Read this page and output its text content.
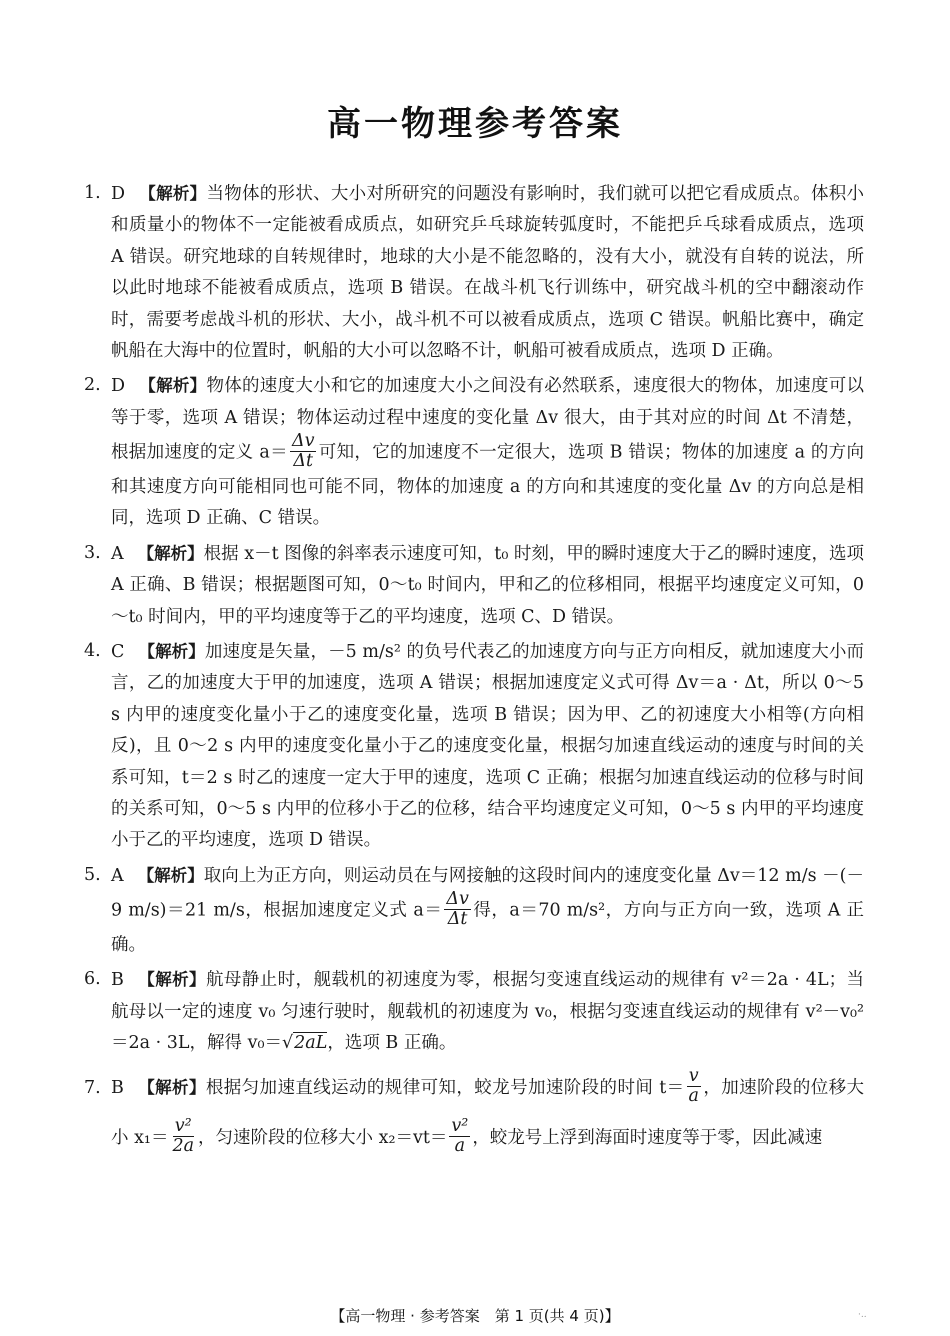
高一物理参考答案
1. D 【解析】当物体的形状、大小对所研究的问题没有影响时，我们就可以把它看成质点。体积小和质量小的物体不一定能被看成质点，如研究乒乓球旋转弧度时，不能把乒乓球看成质点，选项 A 错误。研究地球的自转规律时，地球的大小是不能忽略的，没有大小，就没有自转的说法，所以此时地球不能被看成质点，选项 B 错误。在战斗机飞行训练中，研究战斗机的空中翻滚动作时，需要考虑战斗机的形状、大小，战斗机不可以被看成质点，选项 C 错误。帆船比赛中，确定帆船在大海中的位置时，帆船的大小可以忽略不计，帆船可被看成质点，选项 D 正确。
2. D 【解析】物体的速度大小和它的加速度大小之间没有必然联系，速度很大的物体，加速度可以等于零，选项 A 错误；物体运动过程中速度的变化量 Δv 很大，由于其对应的时间 Δt 不清楚，根据加速度的定义 $a= \frac{\Delta v}{\Delta t}$ 可知，它的加速度不一定很大，选项 B 错误；物体的加速度 a 的方向和其速度方向可能相同也可能不同，物体的加速度 a 的方向和其速度的变化量 Δv 的方向总是相同，选项 D 正确、C 错误。
3. A 【解析】根据 x－t 图像的斜率表示速度可知，t₀ 时刻，甲的瞬时速度大于乙的瞬时速度，选项 A 正确、B 错误；根据题图可知，0～t₀ 时间内，甲和乙的位移相同，根据平均速度定义可知，0～t₀ 时间内，甲的平均速度等于乙的平均速度，选项 C、D 错误。
4. C 【解析】加速度是矢量，－5 m/s² 的负号代表乙的加速度方向与正方向相反，就加速度大小而言，乙的加速度大于甲的加速度，选项 A 错误；根据加速度定义式可得 Δv＝a · Δt，所以 0～5 s 内甲的速度变化量小于乙的速度变化量，选项 B 错误；因为甲、乙的初速度大小相等(方向相反)，且 0～2 s 内甲的速度变化量小于乙的速度变化量，根据匀加速直线运动的速度与时间的关系可知，t＝2 s 时乙的速度一定大于甲的速度，选项 C 正确；根据匀加速直线运动的位移与时间的关系可知，0～5 s 内甲的位移小于乙的位移，结合平均速度定义可知，0～5 s 内甲的平均速度小于乙的平均速度，选项 D 错误。
5. A 【解析】取向上为正方向，则运动员在与网接触的这段时间内的速度变化量 Δv＝12 m/s －(－9 m/s)＝21 m/s，根据加速度定义式 $a= \frac{\Delta v}{\Delta t}$ 得，a＝70 m/s²，方向与正方向一致，选项 A 正确。
6. B 【解析】航母静止时，舰载机的初速度为零，根据匀变速直线运动的规律有 v²＝2a · 4L；当航母以一定的速度 v₀ 匀速行驶时，舰载机的初速度为 v₀，根据匀变速直线运动的规律有 v²－v₀²＝2a · 3L，解得 v₀＝√2aL，选项 B 正确。
7. B 【解析】根据匀加速直线运动的规律可知，蛟龙号加速阶段的时间 $t= \frac{v}{a}$ ，加速阶段的位移大小 $x_1= \frac{\text{v²}}{2a}$ ，匀速阶段的位移大小 $x_2=vt= \frac{\text{v²}}{a}$ ，蛟龙号上浮到海面时速度等于零，因此减速
【高一物理 · 参考答案　第 1 页(共 4 页)】	·..
